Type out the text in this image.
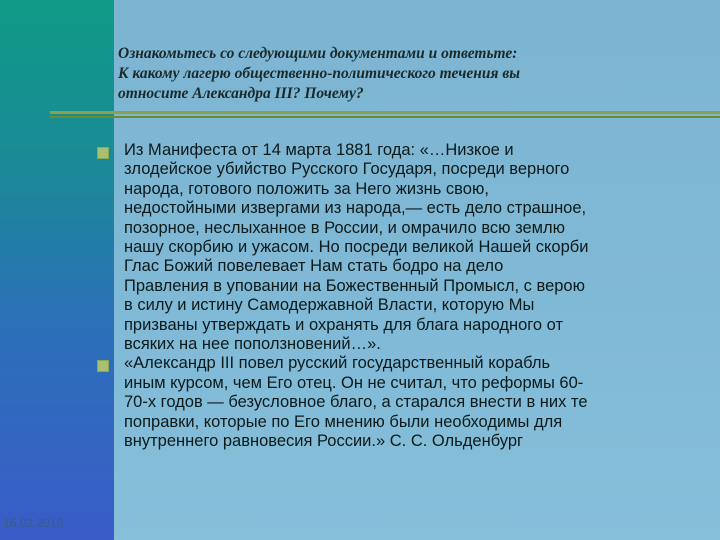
Ознакомьтесь со следующими документами и ответьте:
К какому лагерю общественно-политического течения вы
относите Александра III? Почему?
Из Манифеста от 14 марта 1881 года: «…Низкое и
злодейское убийство Русского Государя, посреди верного
народа, готового положить за Него жизнь свою,
недостойными извергами из народа,— есть дело страшное,
позорное, неслыханное в России, и омрачило всю землю
нашу скорбию и ужасом. Но посреди великой Нашей скорби
Глас Божий повелевает Нам стать бодро на дело
Правления в уповании на Божественный Промысл, с верою
в силу и истину Самодержавной Власти, которую Мы
призваны утверждать и охранять для блага народного от
всяких на нее поползновений…».
«Александр III повел русский государственный корабль
иным курсом, чем Его отец. Он не считал, что реформы 60-
70-х годов — безусловное благо, а старался внести в них те
поправки, которые по Его мнению были необходимы для
внутреннего равновесия России.» С. С. Ольденбург
16.02.2018
